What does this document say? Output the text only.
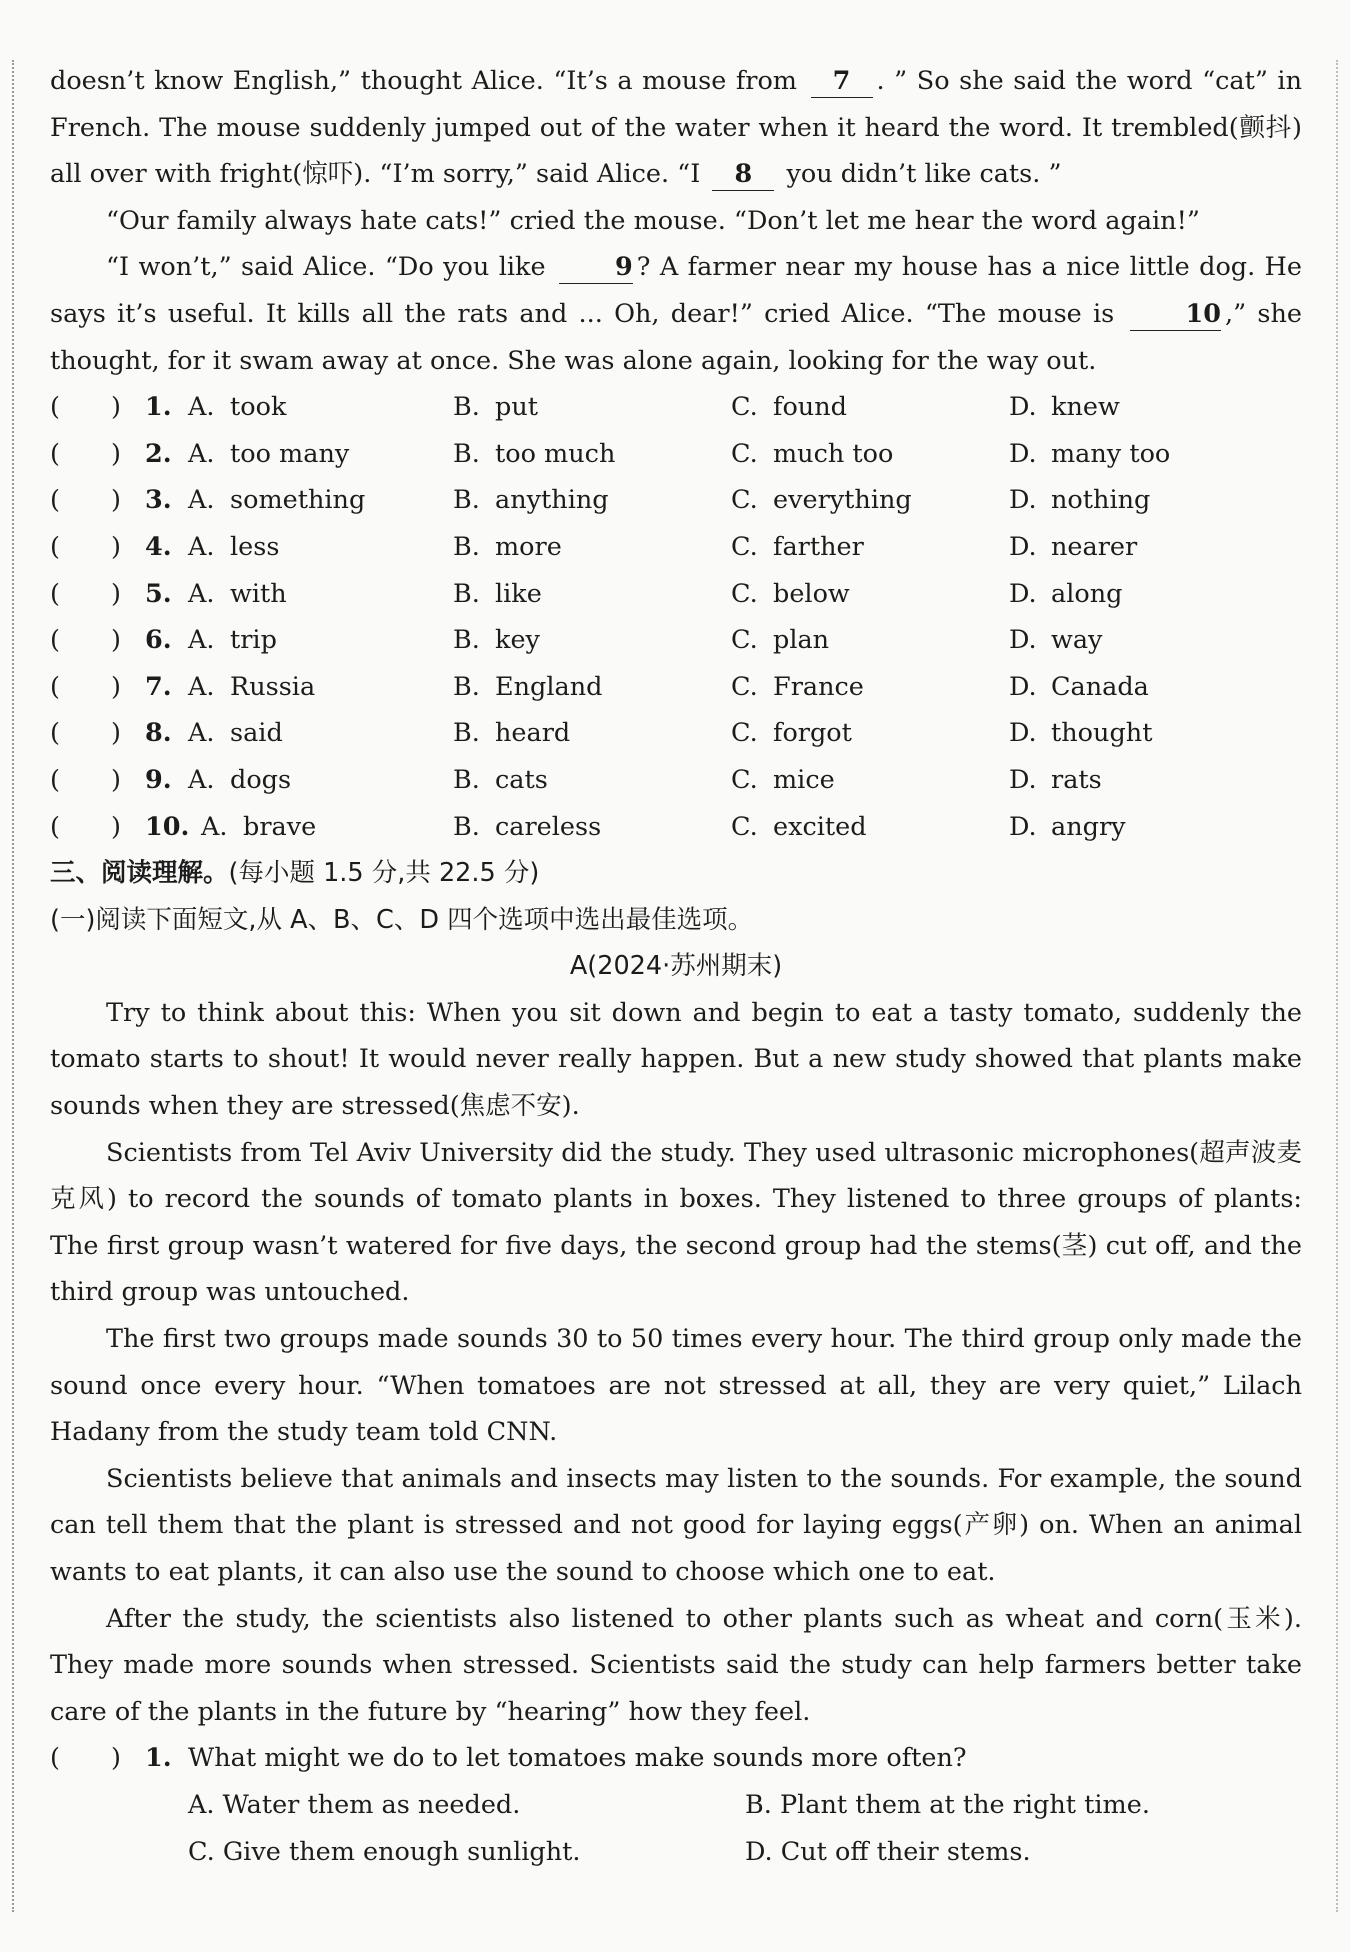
doesn’t know English,” thought Alice. “It’s a mouse from 7 . ” So she said the word “cat” in French. The mouse suddenly jumped out of the water when it heard the word. It trembled(颤抖) all over with fright(惊吓). “I’m sorry,” said Alice. “I 8 you didn’t like cats. ”

“Our family always hate cats!” cried the mouse. “Don’t let me hear the word again!”

“I won’t,” said Alice. “Do you like 9 ? A farmer near my house has a nice little dog. He says it’s useful. It kills all the rats and ... Oh, dear!” cried Alice. “The mouse is 10 ,” she thought, for it swam away at once. She was alone again, looking for the way out.

(　　) 1. A. took	B. put	C. found	D. knew
(　　) 2. A. too many	B. too much	C. much too	D. many too
(　　) 3. A. something	B. anything	C. everything	D. nothing
(　　) 4. A. less	B. more	C. farther	D. nearer
(　　) 5. A. with	B. like	C. below	D. along
(　　) 6. A. trip	B. key	C. plan	D. way
(　　) 7. A. Russia	B. England	C. France	D. Canada
(　　) 8. A. said	B. heard	C. forgot	D. thought
(　　) 9. A. dogs	B. cats	C. mice	D. rats
(　　) 10. A. brave	B. careless	C. excited	D. angry

三、阅读理解。(每小题 1.5 分,共 22.5 分)

(一)阅读下面短文,从 A、B、C、D 四个选项中选出最佳选项。

A(2024·苏州期末)

Try to think about this: When you sit down and begin to eat a tasty tomato, suddenly the tomato starts to shout! It would never really happen. But a new study showed that plants make sounds when they are stressed(焦虑不安).

Scientists from Tel Aviv University did the study. They used ultrasonic microphones(超声波麦克风) to record the sounds of tomato plants in boxes. They listened to three groups of plants: The first group wasn’t watered for five days, the second group had the stems(茎) cut off, and the third group was untouched.

The first two groups made sounds 30 to 50 times every hour. The third group only made the sound once every hour. “When tomatoes are not stressed at all, they are very quiet,” Lilach Hadany from the study team told CNN.

Scientists believe that animals and insects may listen to the sounds. For example, the sound can tell them that the plant is stressed and not good for laying eggs(产卵) on. When an animal wants to eat plants, it can also use the sound to choose which one to eat.

After the study, the scientists also listened to other plants such as wheat and corn(玉米). They made more sounds when stressed. Scientists said the study can help farmers better take care of the plants in the future by “hearing” how they feel.

(　　) 1. What might we do to let tomatoes make sounds more often?
A. Water them as needed.	B. Plant them at the right time.
C. Give them enough sunlight.	D. Cut off their stems.
